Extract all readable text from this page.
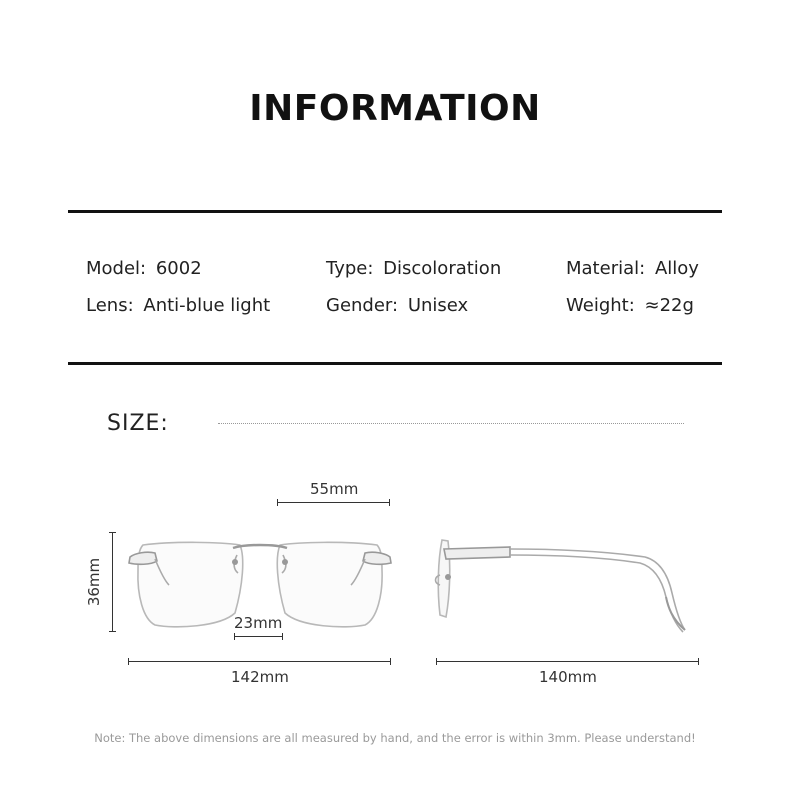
INFORMATION
Model: 6002	Type: Discoloration	Material: Alloy
Lens: Anti-blue light	Gender: Unisex	Weight: ≈22g
SIZE:
55mm
36mm
23mm
142mm	140mm
Note: The above dimensions are all measured by hand, and the error is within 3mm. Please understand!
